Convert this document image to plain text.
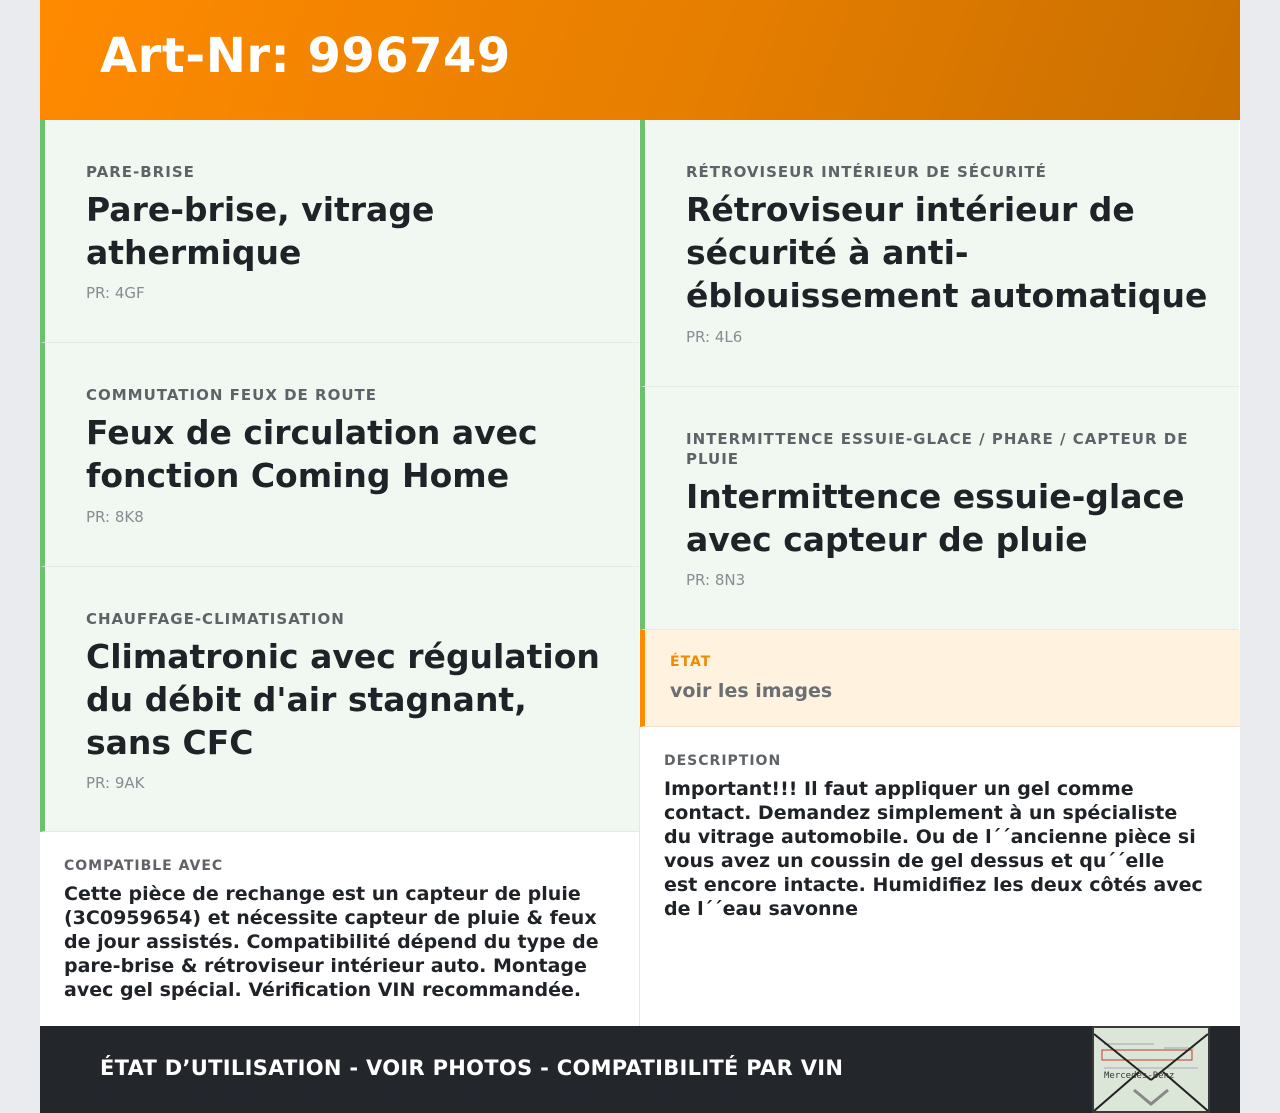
Art-Nr: 996749
PARE-BRISE
Pare-brise, vitrage athermique
PR: 4GF
COMMUTATION FEUX DE ROUTE
Feux de circulation avec fonction Coming Home
PR: 8K8
CHAUFFAGE-CLIMATISATION
Climatronic avec régulation du débit d'air stagnant, sans CFC
PR: 9AK
COMPATIBLE AVEC
Cette pièce de rechange est un capteur de pluie (3C0959654) et nécessite capteur de pluie & feux de jour assistés. Compatibilité dépend du type de pare-brise & rétroviseur intérieur auto. Montage avec gel spécial. Vérification VIN recommandée.
RÉTROVISEUR INTÉRIEUR DE SÉCURITÉ
Rétroviseur intérieur de sécurité à anti-éblouissement automatique
PR: 4L6
INTERMITTENCE ESSUIE-GLACE / PHARE / CAPTEUR DE PLUIE
Intermittence essuie-glace avec capteur de pluie
PR: 8N3
ÉTAT
voir les images
DESCRIPTION
Important!!! Il faut appliquer un gel comme contact. Demandez simplement à un spécialiste du vitrage automobile. Ou de l´´ancienne pièce si vous avez un coussin de gel dessus et qu´´elle est encore intacte. Humidifiez les deux côtés avec de l´´eau savonne
ÉTAT D’UTILISATION - VOIR PHOTOS - COMPATIBILITÉ PAR VIN	Mercedes-Benz
